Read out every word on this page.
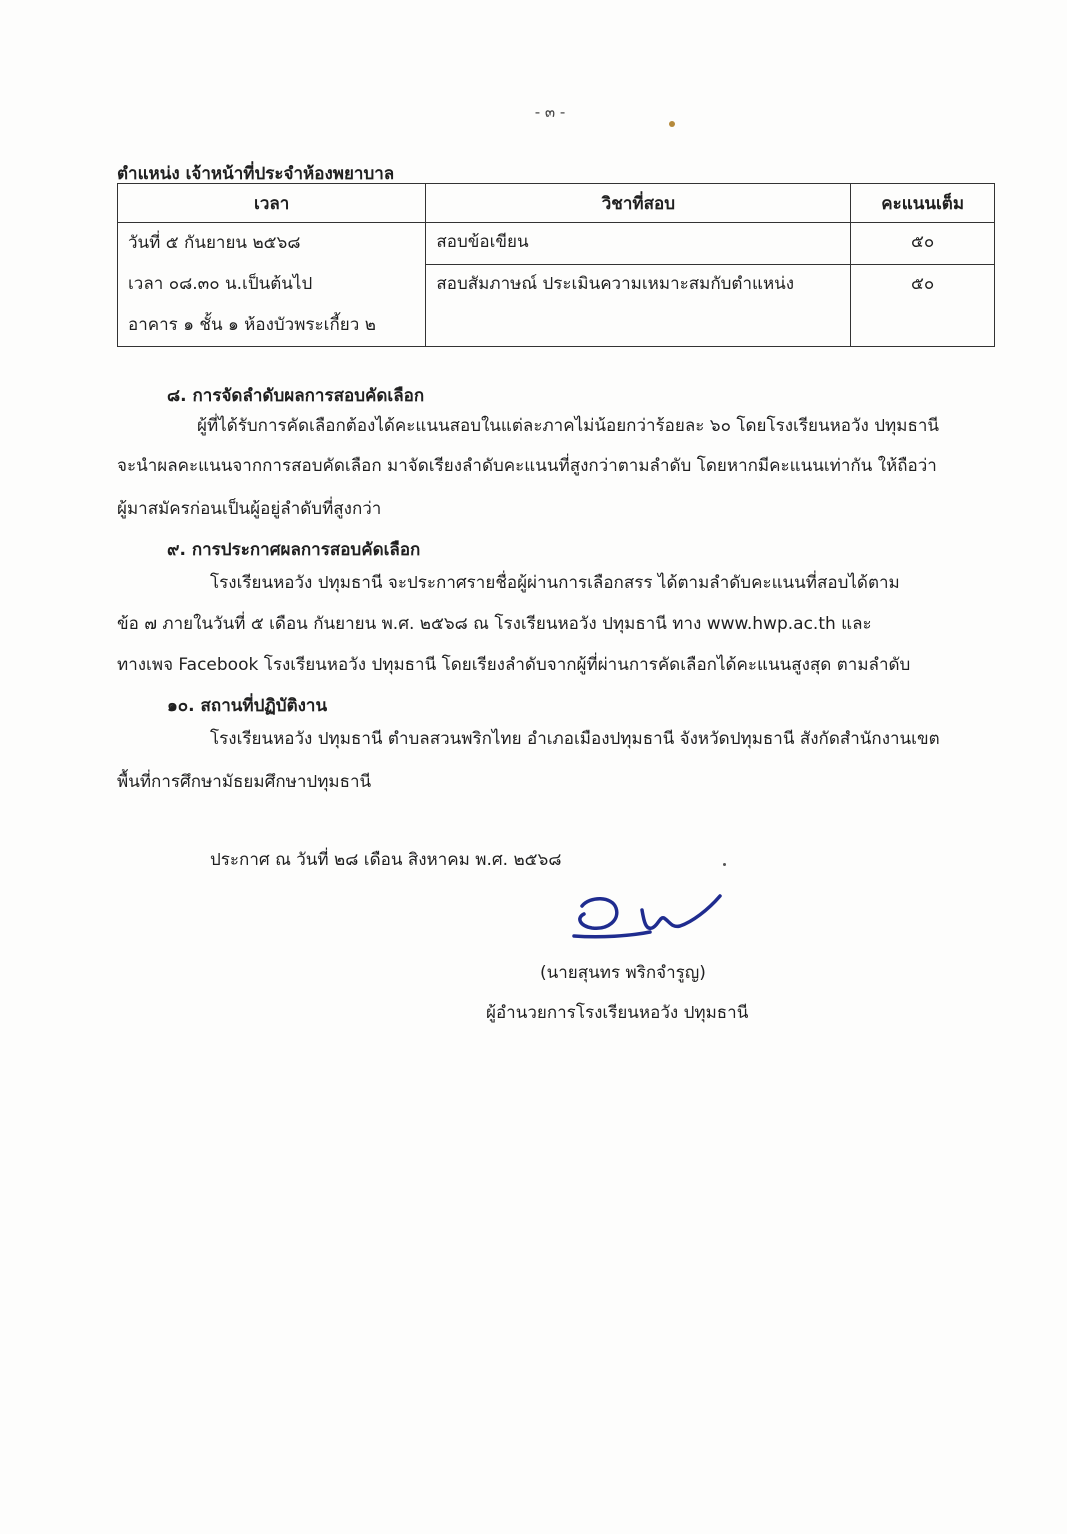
- ๓ -
ตำแหน่ง เจ้าหน้าที่ประจำห้องพยาบาล
เวลา	วิชาที่สอบ	คะแนนเต็ม

วันที่ ๕ กันยายน ๒๕๖๘
เวลา ๐๘.๓๐ น.เป็นต้นไป
อาคาร ๑ ชั้น ๑ ห้องบัวพระเกี้ยว ๒	สอบข้อเขียน	๕๐
	สอบสัมภาษณ์ ประเมินความเหมาะสมกับตำแหน่ง	๕๐
๘. การจัดลำดับผลการสอบคัดเลือก
ผู้ที่ได้รับการคัดเลือกต้องได้คะแนนสอบในแต่ละภาคไม่น้อยกว่าร้อยละ ๖๐ โดยโรงเรียนหอวัง ปทุมธานี
จะนำผลคะแนนจากการสอบคัดเลือก มาจัดเรียงลำดับคะแนนที่สูงกว่าตามลำดับ โดยหากมีคะแนนเท่ากัน ให้ถือว่า
ผู้มาสมัครก่อนเป็นผู้อยู่ลำดับที่สูงกว่า
๙. การประกาศผลการสอบคัดเลือก
โรงเรียนหอวัง ปทุมธานี จะประกาศรายชื่อผู้ผ่านการเลือกสรร ได้ตามลำดับคะแนนที่สอบได้ตาม
ข้อ ๗ ภายในวันที่ ๕ เดือน กันยายน พ.ศ. ๒๕๖๘ ณ โรงเรียนหอวัง ปทุมธานี ทาง www.hwp.ac.th และ
ทางเพจ Facebook โรงเรียนหอวัง ปทุมธานี โดยเรียงลำดับจากผู้ที่ผ่านการคัดเลือกได้คะแนนสูงสุด ตามลำดับ
๑๐. สถานที่ปฏิบัติงาน
โรงเรียนหอวัง ปทุมธานี ตำบลสวนพริกไทย อำเภอเมืองปทุมธานี จังหวัดปทุมธานี สังกัดสำนักงานเขต
พื้นที่การศึกษามัธยมศึกษาปทุมธานี
ประกาศ ณ วันที่ ๒๘ เดือน สิงหาคม พ.ศ. ๒๕๖๘
(นายสุนทร พริกจำรูญ)
ผู้อำนวยการโรงเรียนหอวัง ปทุมธานี
